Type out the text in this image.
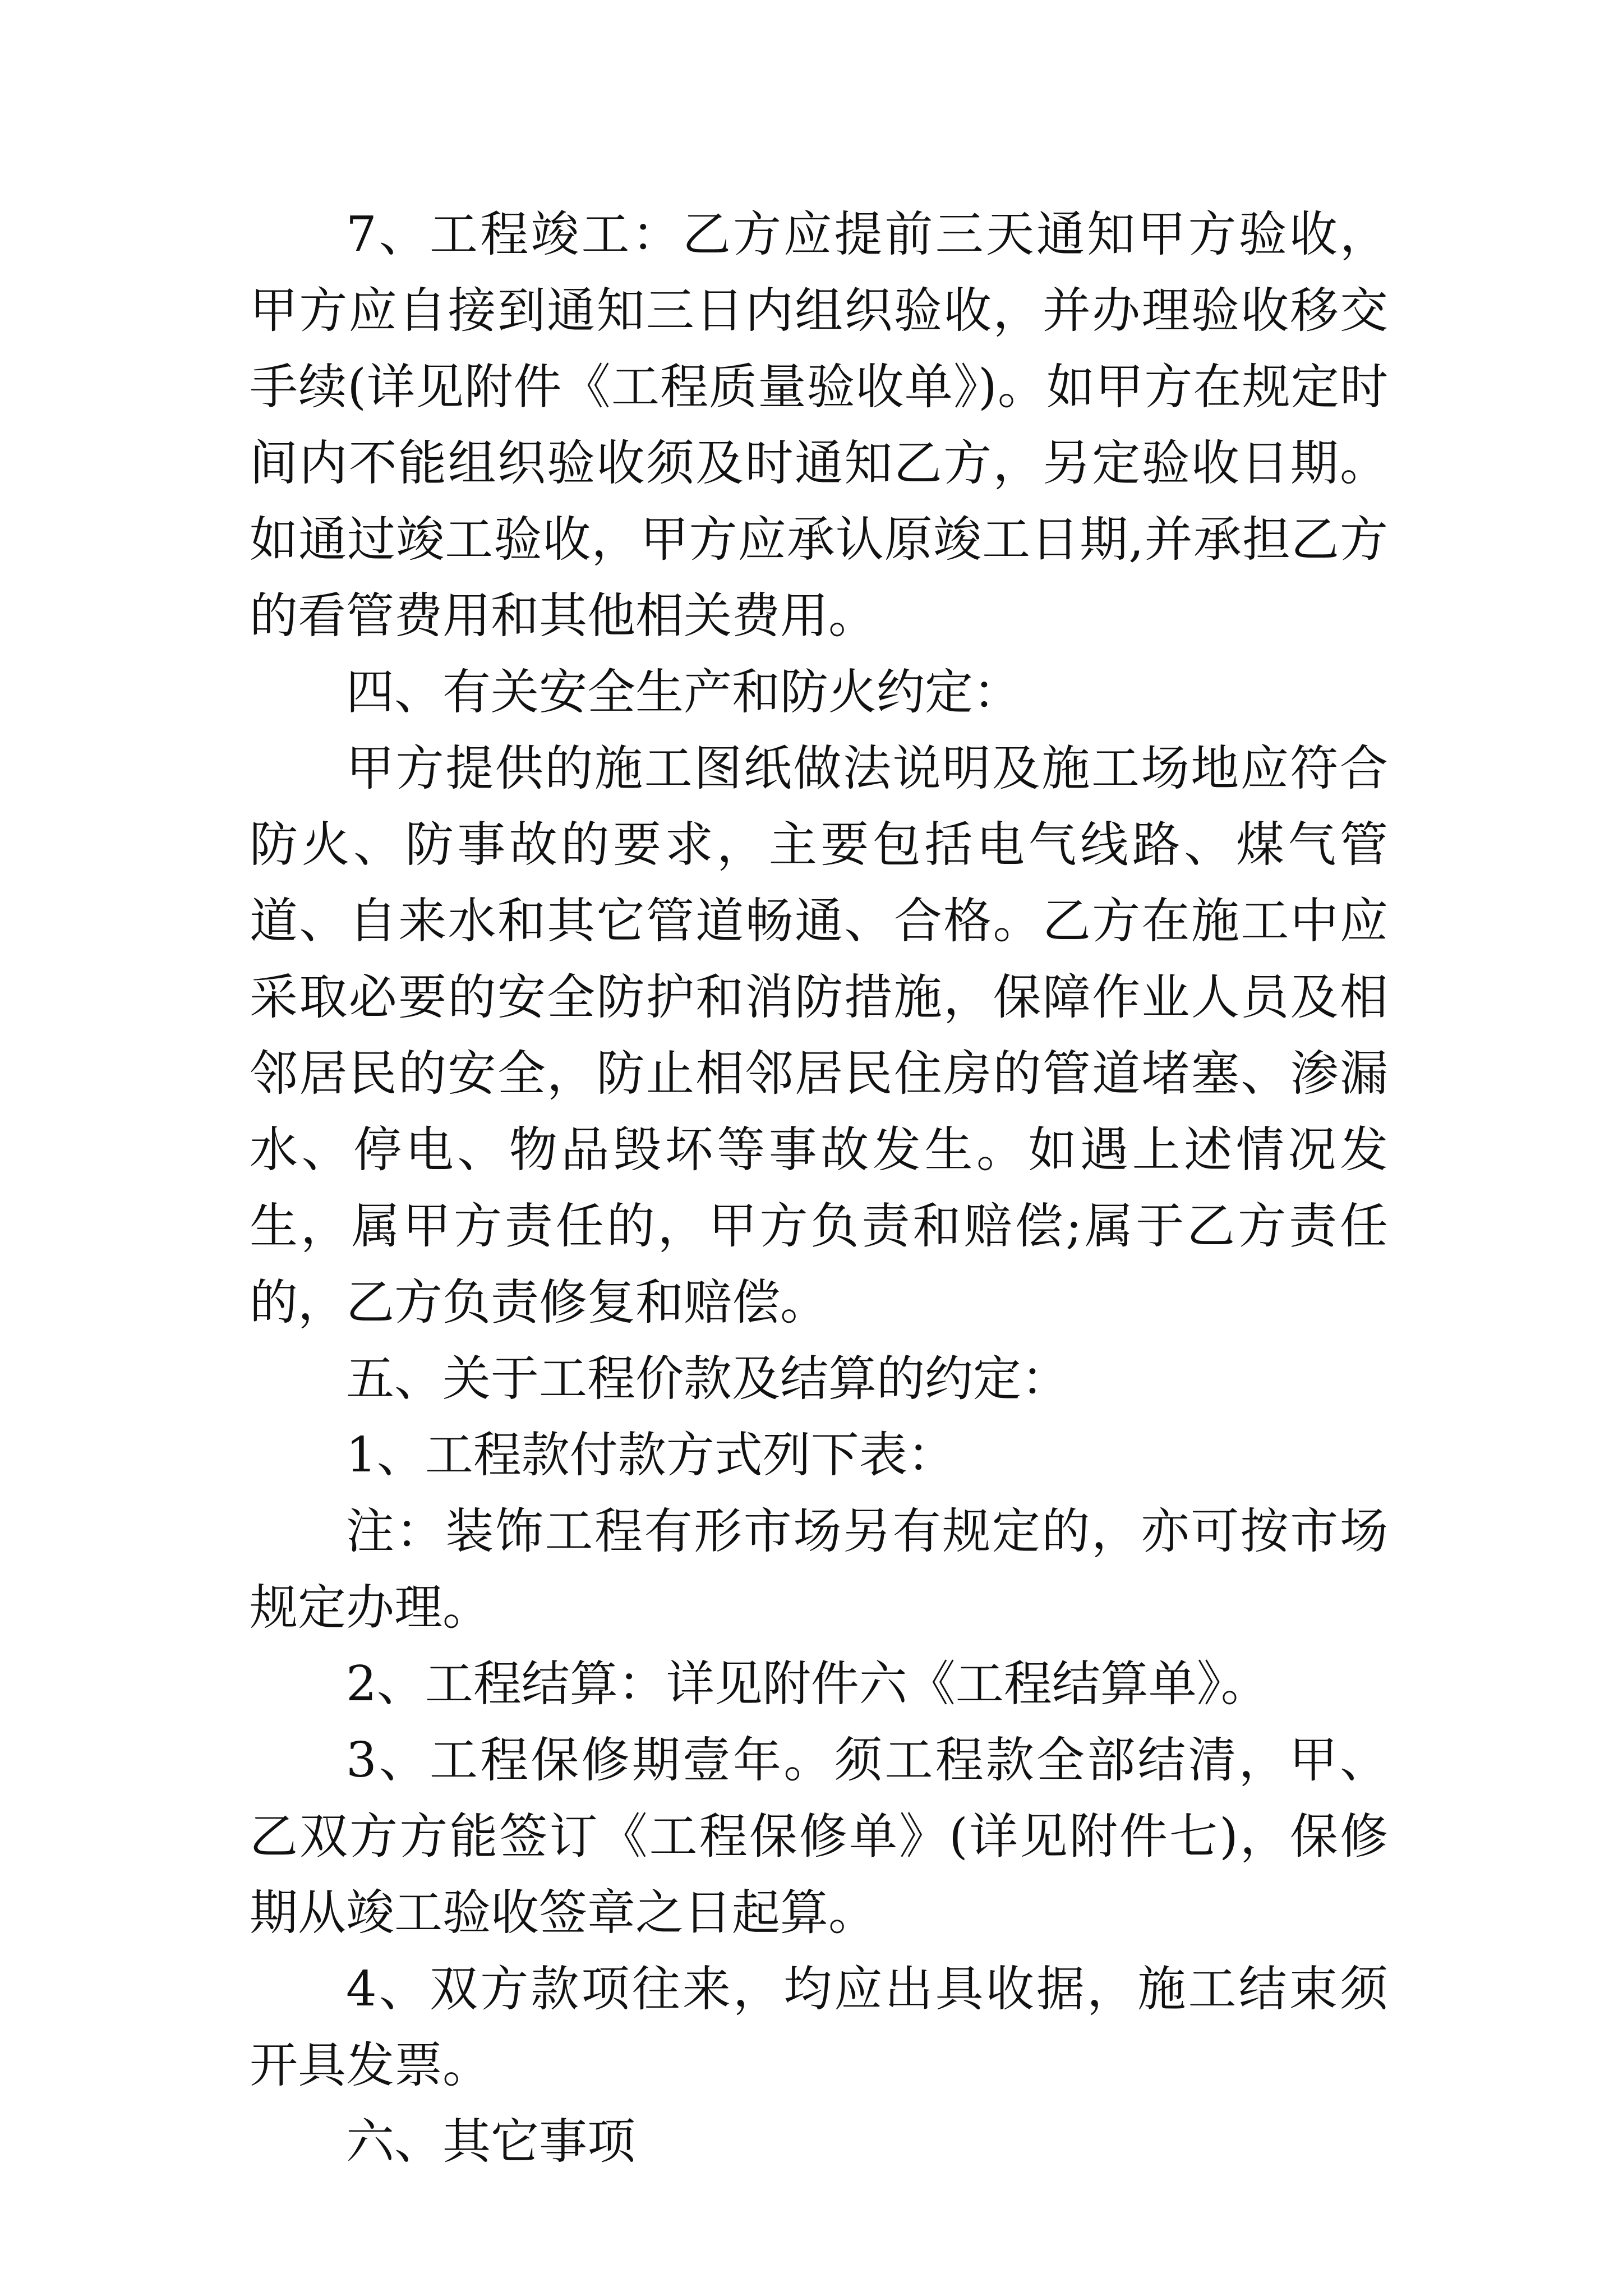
7、工程竣工：乙方应提前三天通知甲方验收，甲方应自接到通知三日内组织验收，并办理验收移交手续(详见附件《工程质量验收单》)。如甲方在规定时间内不能组织验收须及时通知乙方，另定验收日期。如通过竣工验收，甲方应承认原竣工日期,并承担乙方的看管费用和其他相关费用。

四、有关安全生产和防火约定：

甲方提供的施工图纸做法说明及施工场地应符合防火、防事故的要求，主要包括电气线路、煤气管道、自来水和其它管道畅通、合格。乙方在施工中应采取必要的安全防护和消防措施，保障作业人员及相邻居民的安全，防止相邻居民住房的管道堵塞、渗漏水、停电、物品毁坏等事故发生。如遇上述情况发生，属甲方责任的，甲方负责和赔偿;属于乙方责任的，乙方负责修复和赔偿。

五、关于工程价款及结算的约定：

1、工程款付款方式列下表：

注：装饰工程有形市场另有规定的，亦可按市场规定办理。

2、工程结算：详见附件六《工程结算单》。

3、工程保修期壹年。须工程款全部结清，甲、乙双方方能签订《工程保修单》(详见附件七)，保修期从竣工验收签章之日起算。

4、双方款项往来，均应出具收据，施工结束须开具发票。

六、其它事项
